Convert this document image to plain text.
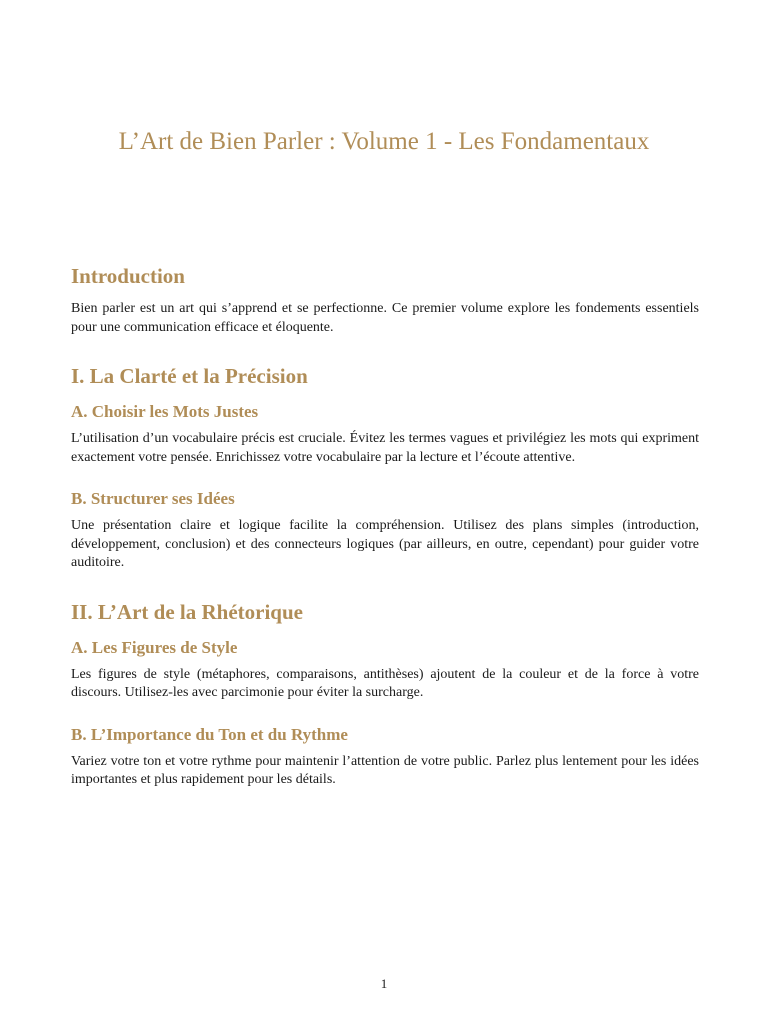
L’Art de Bien Parler : Volume 1 - Les Fondamentaux
Introduction

Bien parler est un art qui s’apprend et se perfectionne. Ce premier volume explore les fondements essentiels pour une communication efficace et éloquente.

I. La Clarté et la Précision
A. Choisir les Mots Justes

L’utilisation d’un vocabulaire précis est cruciale. Évitez les termes vagues et privilégiez les mots qui expriment exactement votre pensée. Enrichissez votre vocabulaire par la lecture et l’écoute attentive.

B. Structurer ses Idées

Une présentation claire et logique facilite la compréhension. Utilisez des plans simples (introduction, développement, conclusion) et des connecteurs logiques (par ailleurs, en outre, cependant) pour guider votre auditoire.

II. L’Art de la Rhétorique
A. Les Figures de Style

Les figures de style (métaphores, comparaisons, antithèses) ajoutent de la couleur et de la force à votre discours. Utilisez-les avec parcimonie pour éviter la surcharge.

B. L’Importance du Ton et du Rythme

Variez votre ton et votre rythme pour maintenir l’attention de votre public. Parlez plus lentement pour les idées importantes et plus rapidement pour les détails.

1
